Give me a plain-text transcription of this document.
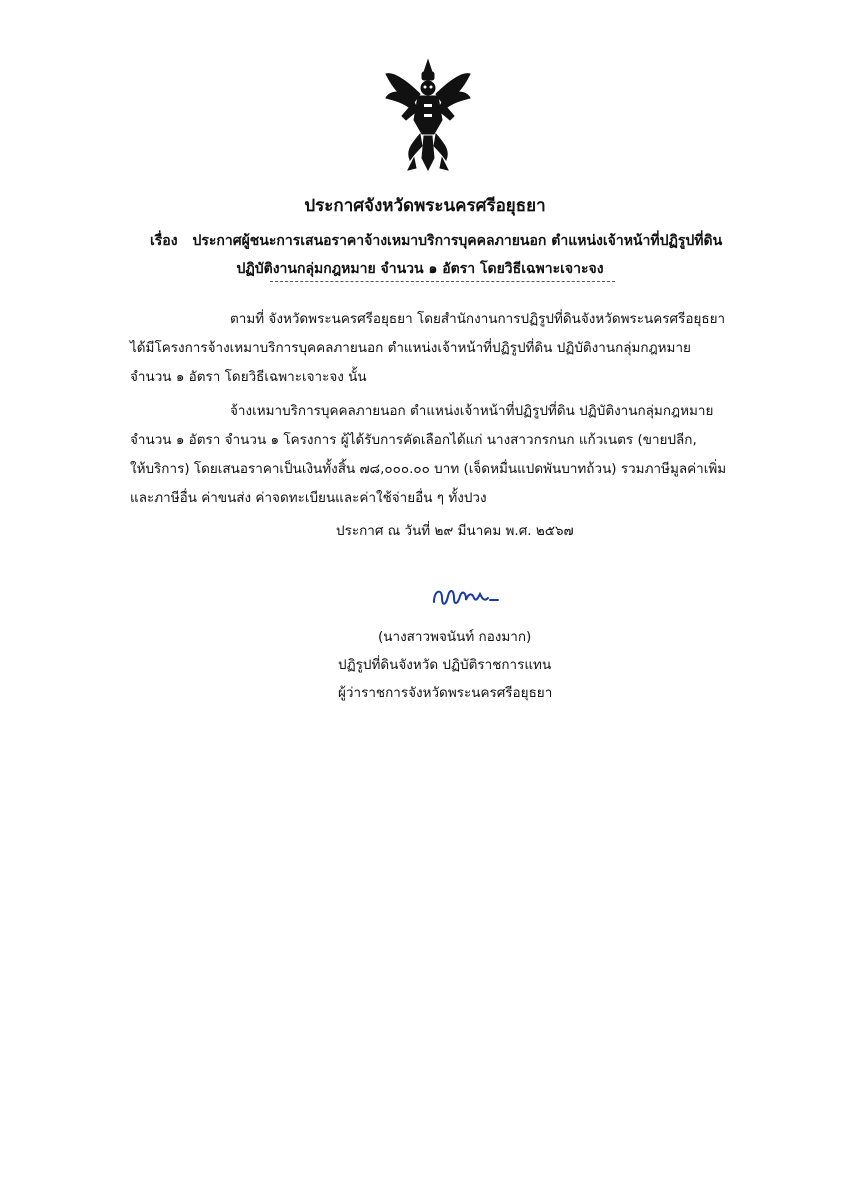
ประกาศจังหวัดพระนครศรีอยุธยา
เรื่อง ประกาศผู้ชนะการเสนอราคาจ้างเหมาบริการบุคคลภายนอก ตำแหน่งเจ้าหน้าที่ปฏิรูปที่ดิน
ปฏิบัติงานกลุ่มกฎหมาย จำนวน ๑ อัตรา โดยวิธีเฉพาะเจาะจง
ตามที่ จังหวัดพระนครศรีอยุธยา โดยสำนักงานการปฏิรูปที่ดินจังหวัดพระนครศรีอยุธยา
ได้มีโครงการจ้างเหมาบริการบุคคลภายนอก ตำแหน่งเจ้าหน้าที่ปฏิรูปที่ดิน ปฏิบัติงานกลุ่มกฎหมาย
จำนวน ๑ อัตรา โดยวิธีเฉพาะเจาะจง นั้น
จ้างเหมาบริการบุคคลภายนอก ตำแหน่งเจ้าหน้าที่ปฏิรูปที่ดิน ปฏิบัติงานกลุ่มกฎหมาย
จำนวน ๑ อัตรา จำนวน ๑ โครงการ ผู้ได้รับการคัดเลือกได้แก่ นางสาวกรกนก แก้วเนตร (ขายปลีก,
ให้บริการ) โดยเสนอราคาเป็นเงินทั้งสิ้น ๗๘,๐๐๐.๐๐ บาท (เจ็ดหมื่นแปดพันบาทถ้วน) รวมภาษีมูลค่าเพิ่ม
และภาษีอื่น ค่าขนส่ง ค่าจดทะเบียนและค่าใช้จ่ายอื่น ๆ ทั้งปวง
ประกาศ ณ วันที่ ๒๙ มีนาคม พ.ศ. ๒๕๖๗
(นางสาวพจนันท์ กองมาก)
ปฏิรูปที่ดินจังหวัด ปฏิบัติราชการแทน
ผู้ว่าราชการจังหวัดพระนครศรีอยุธยา
